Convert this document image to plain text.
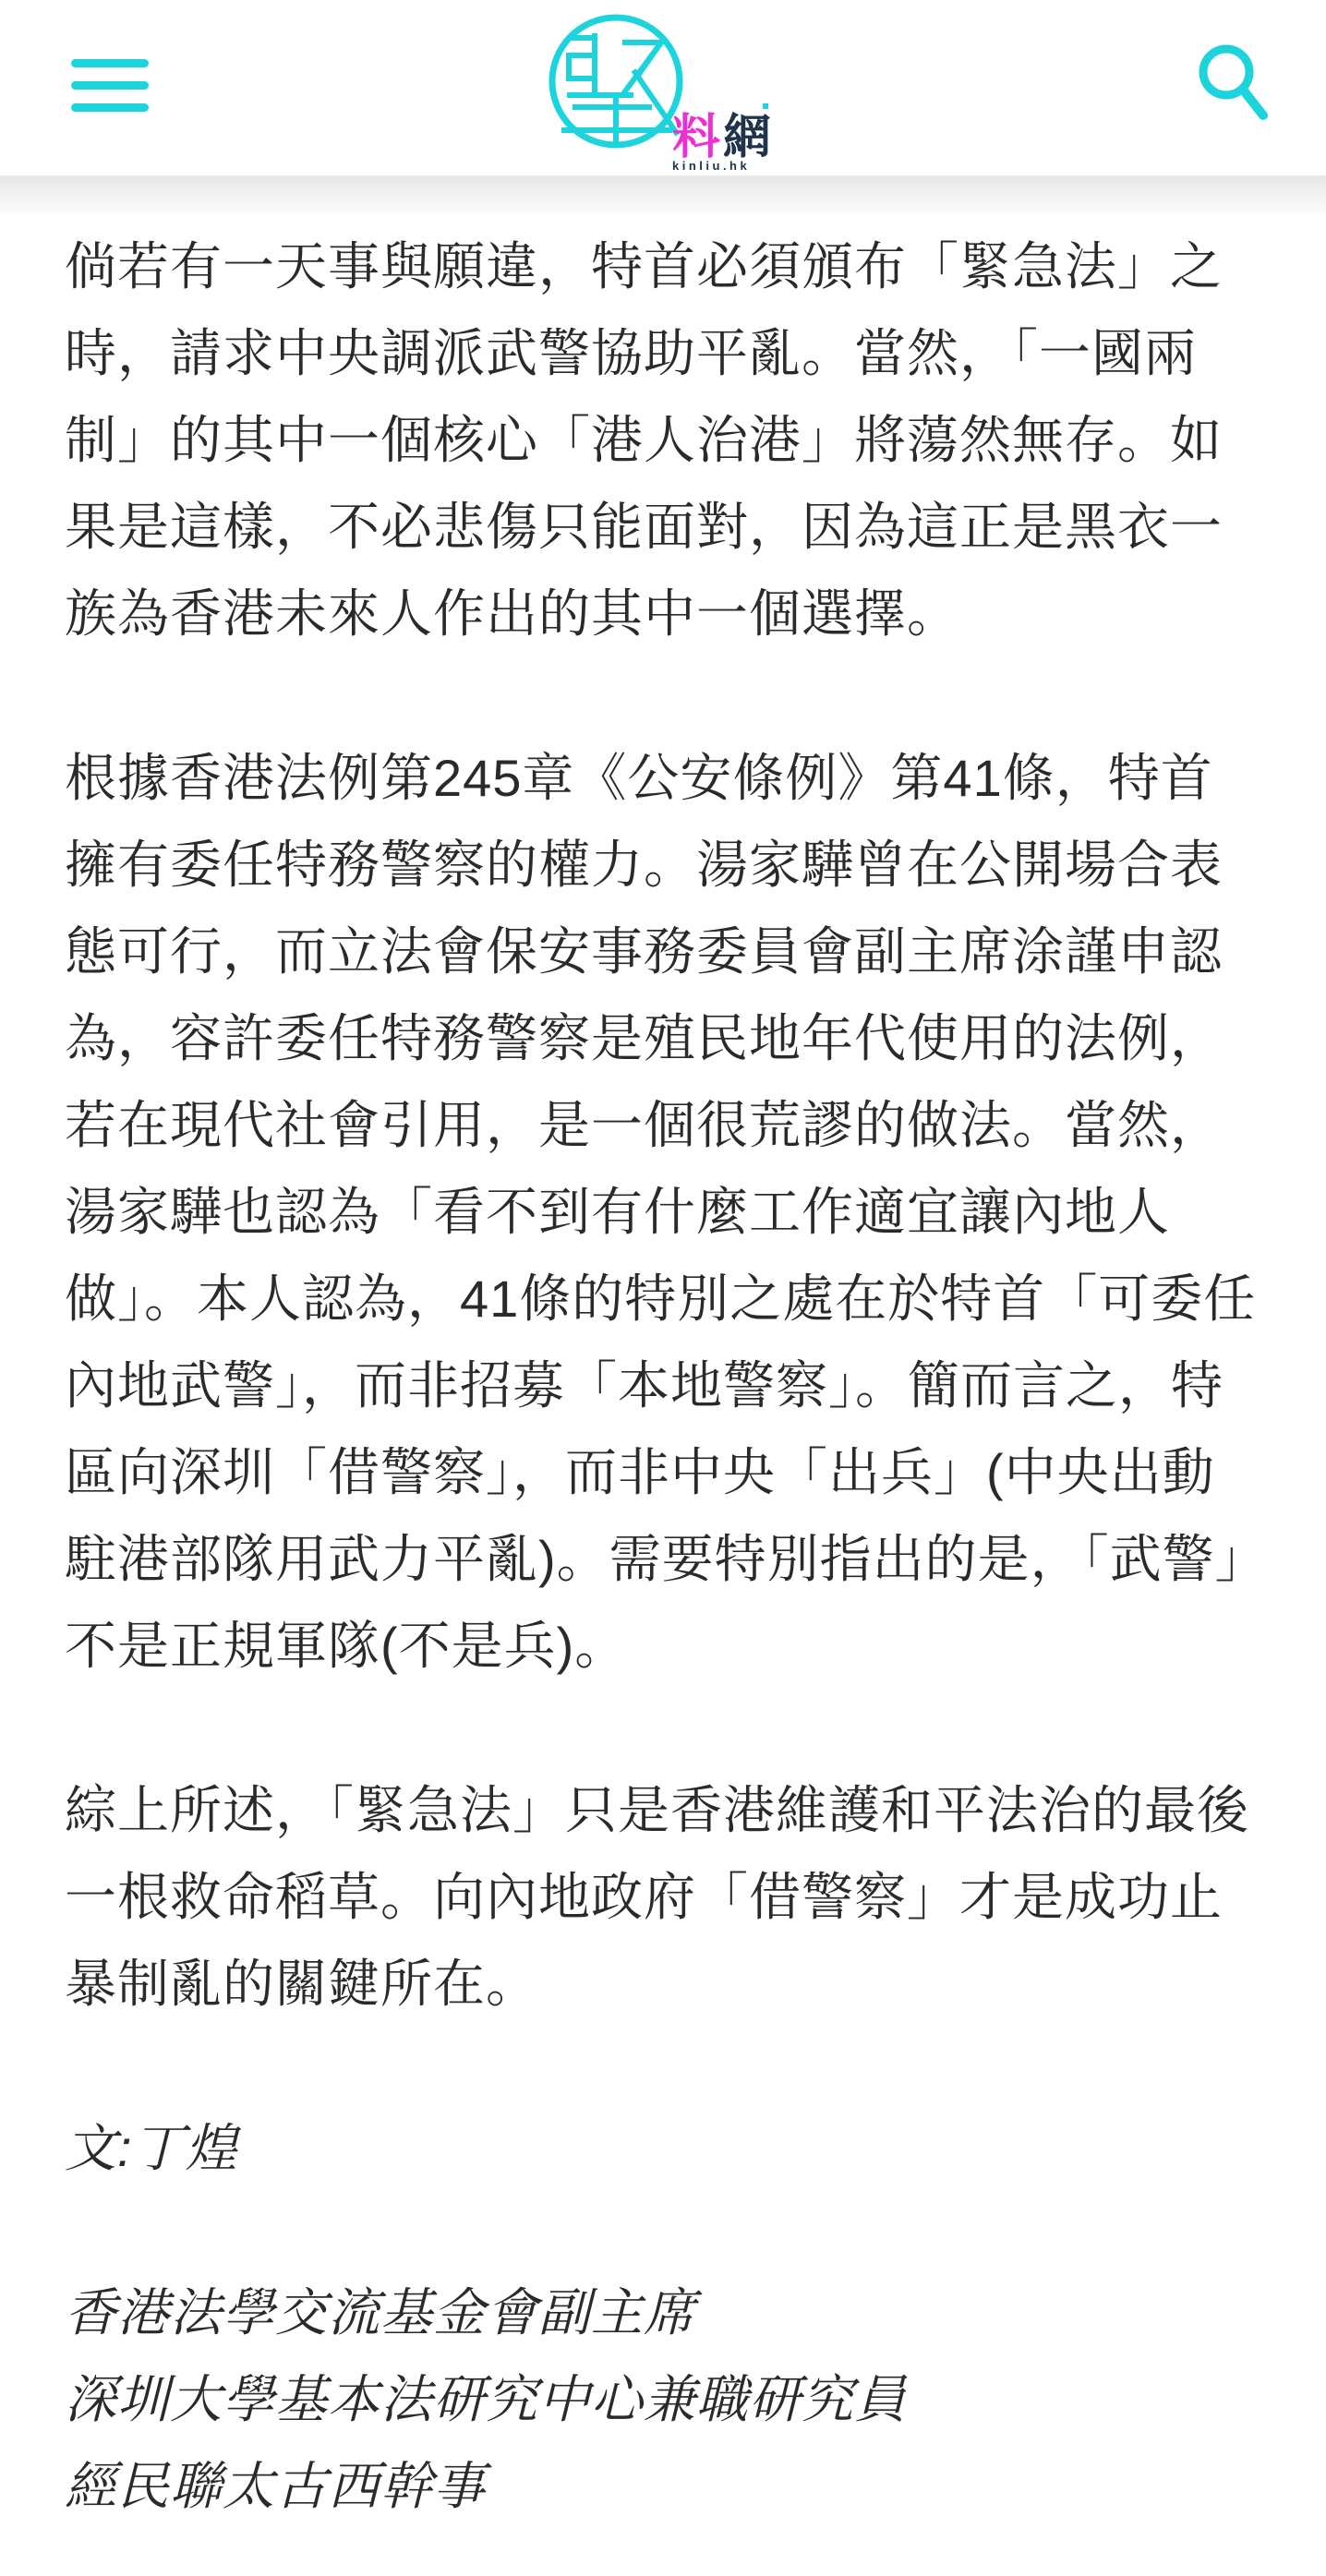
料 網
kinliu.hk

倘若有一天事與願違，特首必須頒布「緊急法」之時，請求中央調派武警協助平亂。當然，「一國兩制」的其中一個核心「港人治港」將蕩然無存。如果是這樣，不必悲傷只能面對，因為這正是黑衣一族為香港未來人作出的其中一個選擇。

根據香港法例第245章《公安條例》第41條，特首擁有委任特務警察的權力。湯家驊曾在公開場合表態可行，而立法會保安事務委員會副主席涂謹申認為，容許委任特務警察是殖民地年代使用的法例，若在現代社會引用，是一個很荒謬的做法。當然，湯家驊也認為「看不到有什麼工作適宜讓內地人做」。本人認為，41條的特別之處在於特首「可委任內地武警」，而非招募「本地警察」。簡而言之，特區向深圳「借警察」，而非中央「出兵」(中央出動駐港部隊用武力平亂)。需要特別指出的是，「武警」不是正規軍隊(不是兵)。

綜上所述，「緊急法」只是香港維護和平法治的最後一根救命稻草。向內地政府「借警察」才是成功止暴制亂的關鍵所在。

文:丁煌

香港法學交流基金會副主席
深圳大學基本法研究中心兼職研究員
經民聯太古西幹事
